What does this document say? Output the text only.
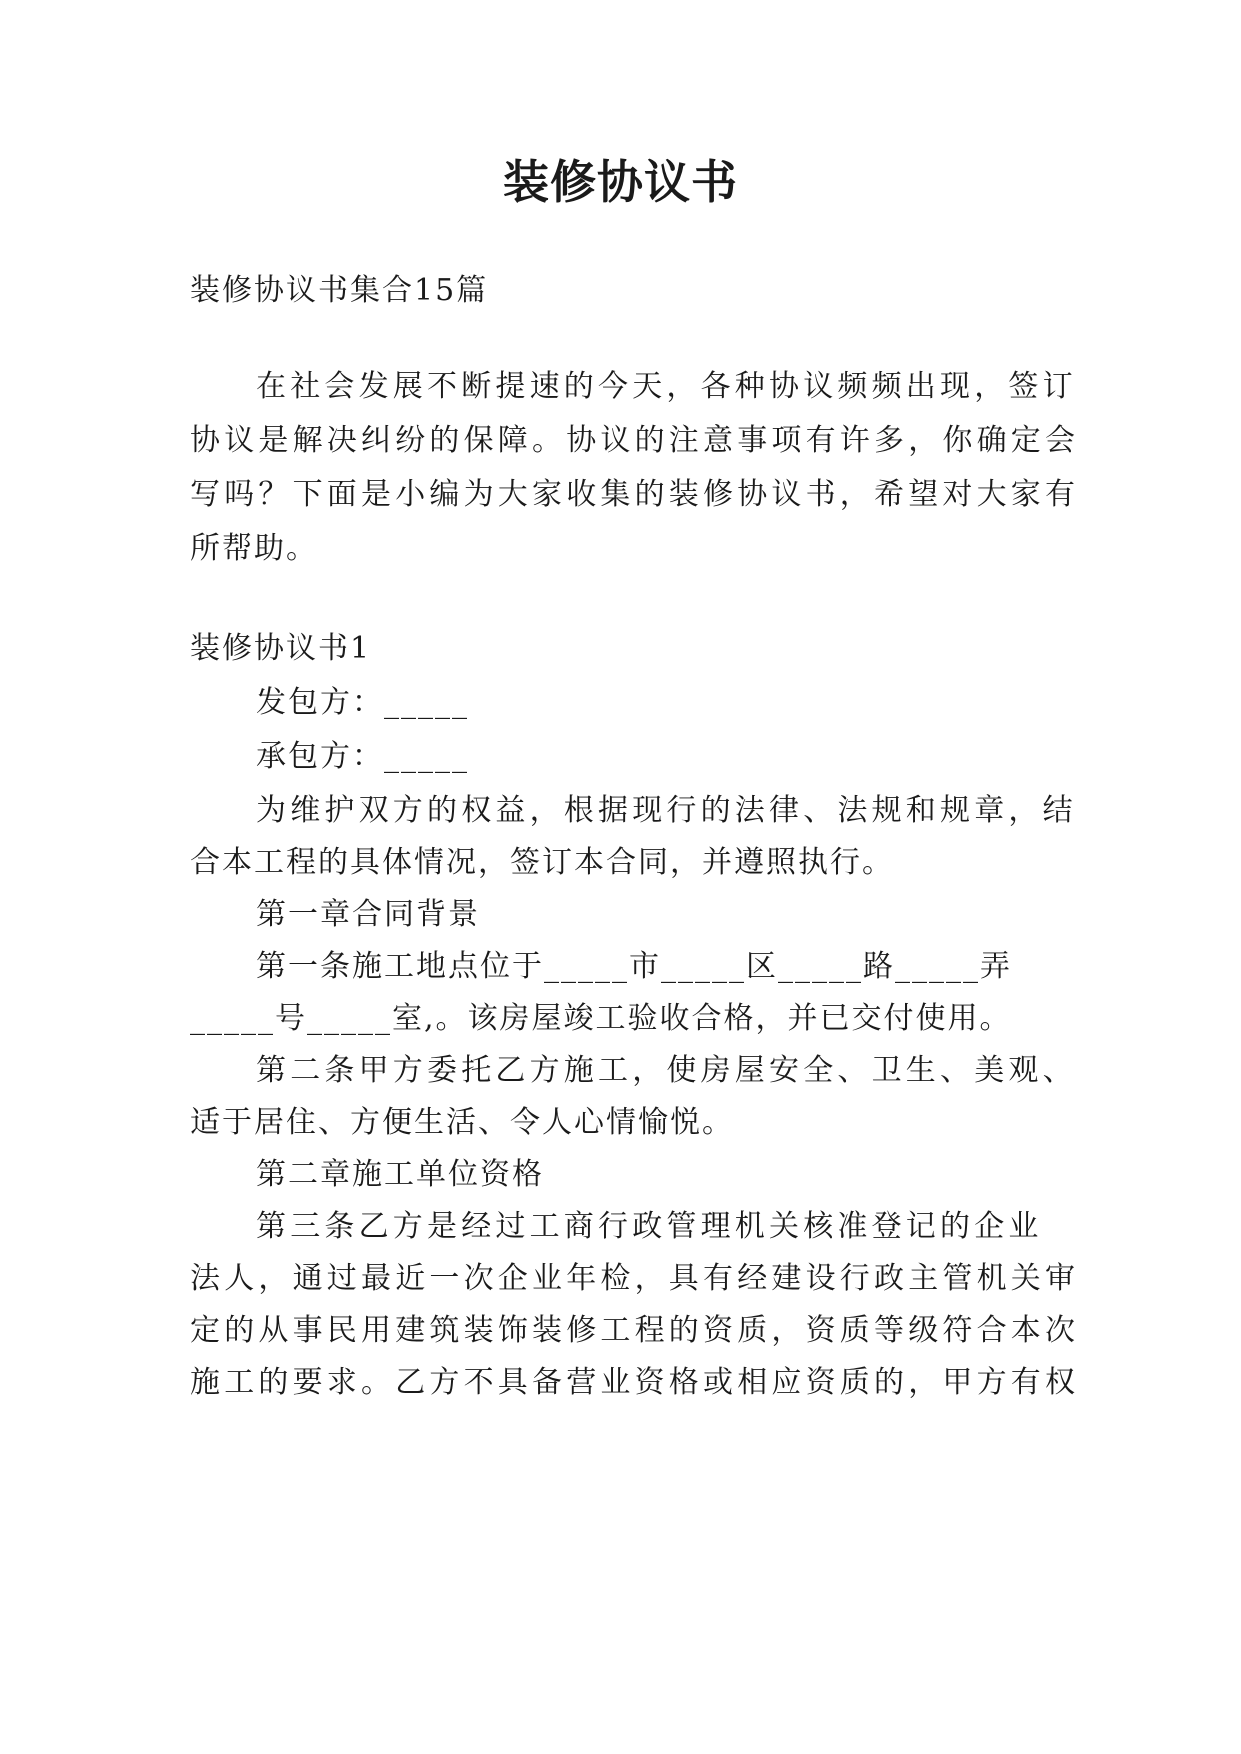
装修协议书

装修协议书集合15篇

在社会发展不断提速的今天，各种协议频频出现，签订

协议是解决纠纷的保障。协议的注意事项有许多，你确定会

写吗？下面是小编为大家收集的装修协议书，希望对大家有

所帮助。

装修协议书1

发包方：_____

承包方：_____

为维护双方的权益，根据现行的法律、法规和规章，结

合本工程的具体情况，签订本合同，并遵照执行。

第一章合同背景

第一条施工地点位于_____市_____区_____路_____弄

_____号_____室,。该房屋竣工验收合格，并已交付使用。

第二条甲方委托乙方施工，使房屋安全、卫生、美观、

适于居住、方便生活、令人心情愉悦。

第二章施工单位资格

第三条乙方是经过工商行政管理机关核准登记的企业

法人，通过最近一次企业年检，具有经建设行政主管机关审

定的从事民用建筑装饰装修工程的资质，资质等级符合本次

施工的要求。乙方不具备营业资格或相应资质的，甲方有权
